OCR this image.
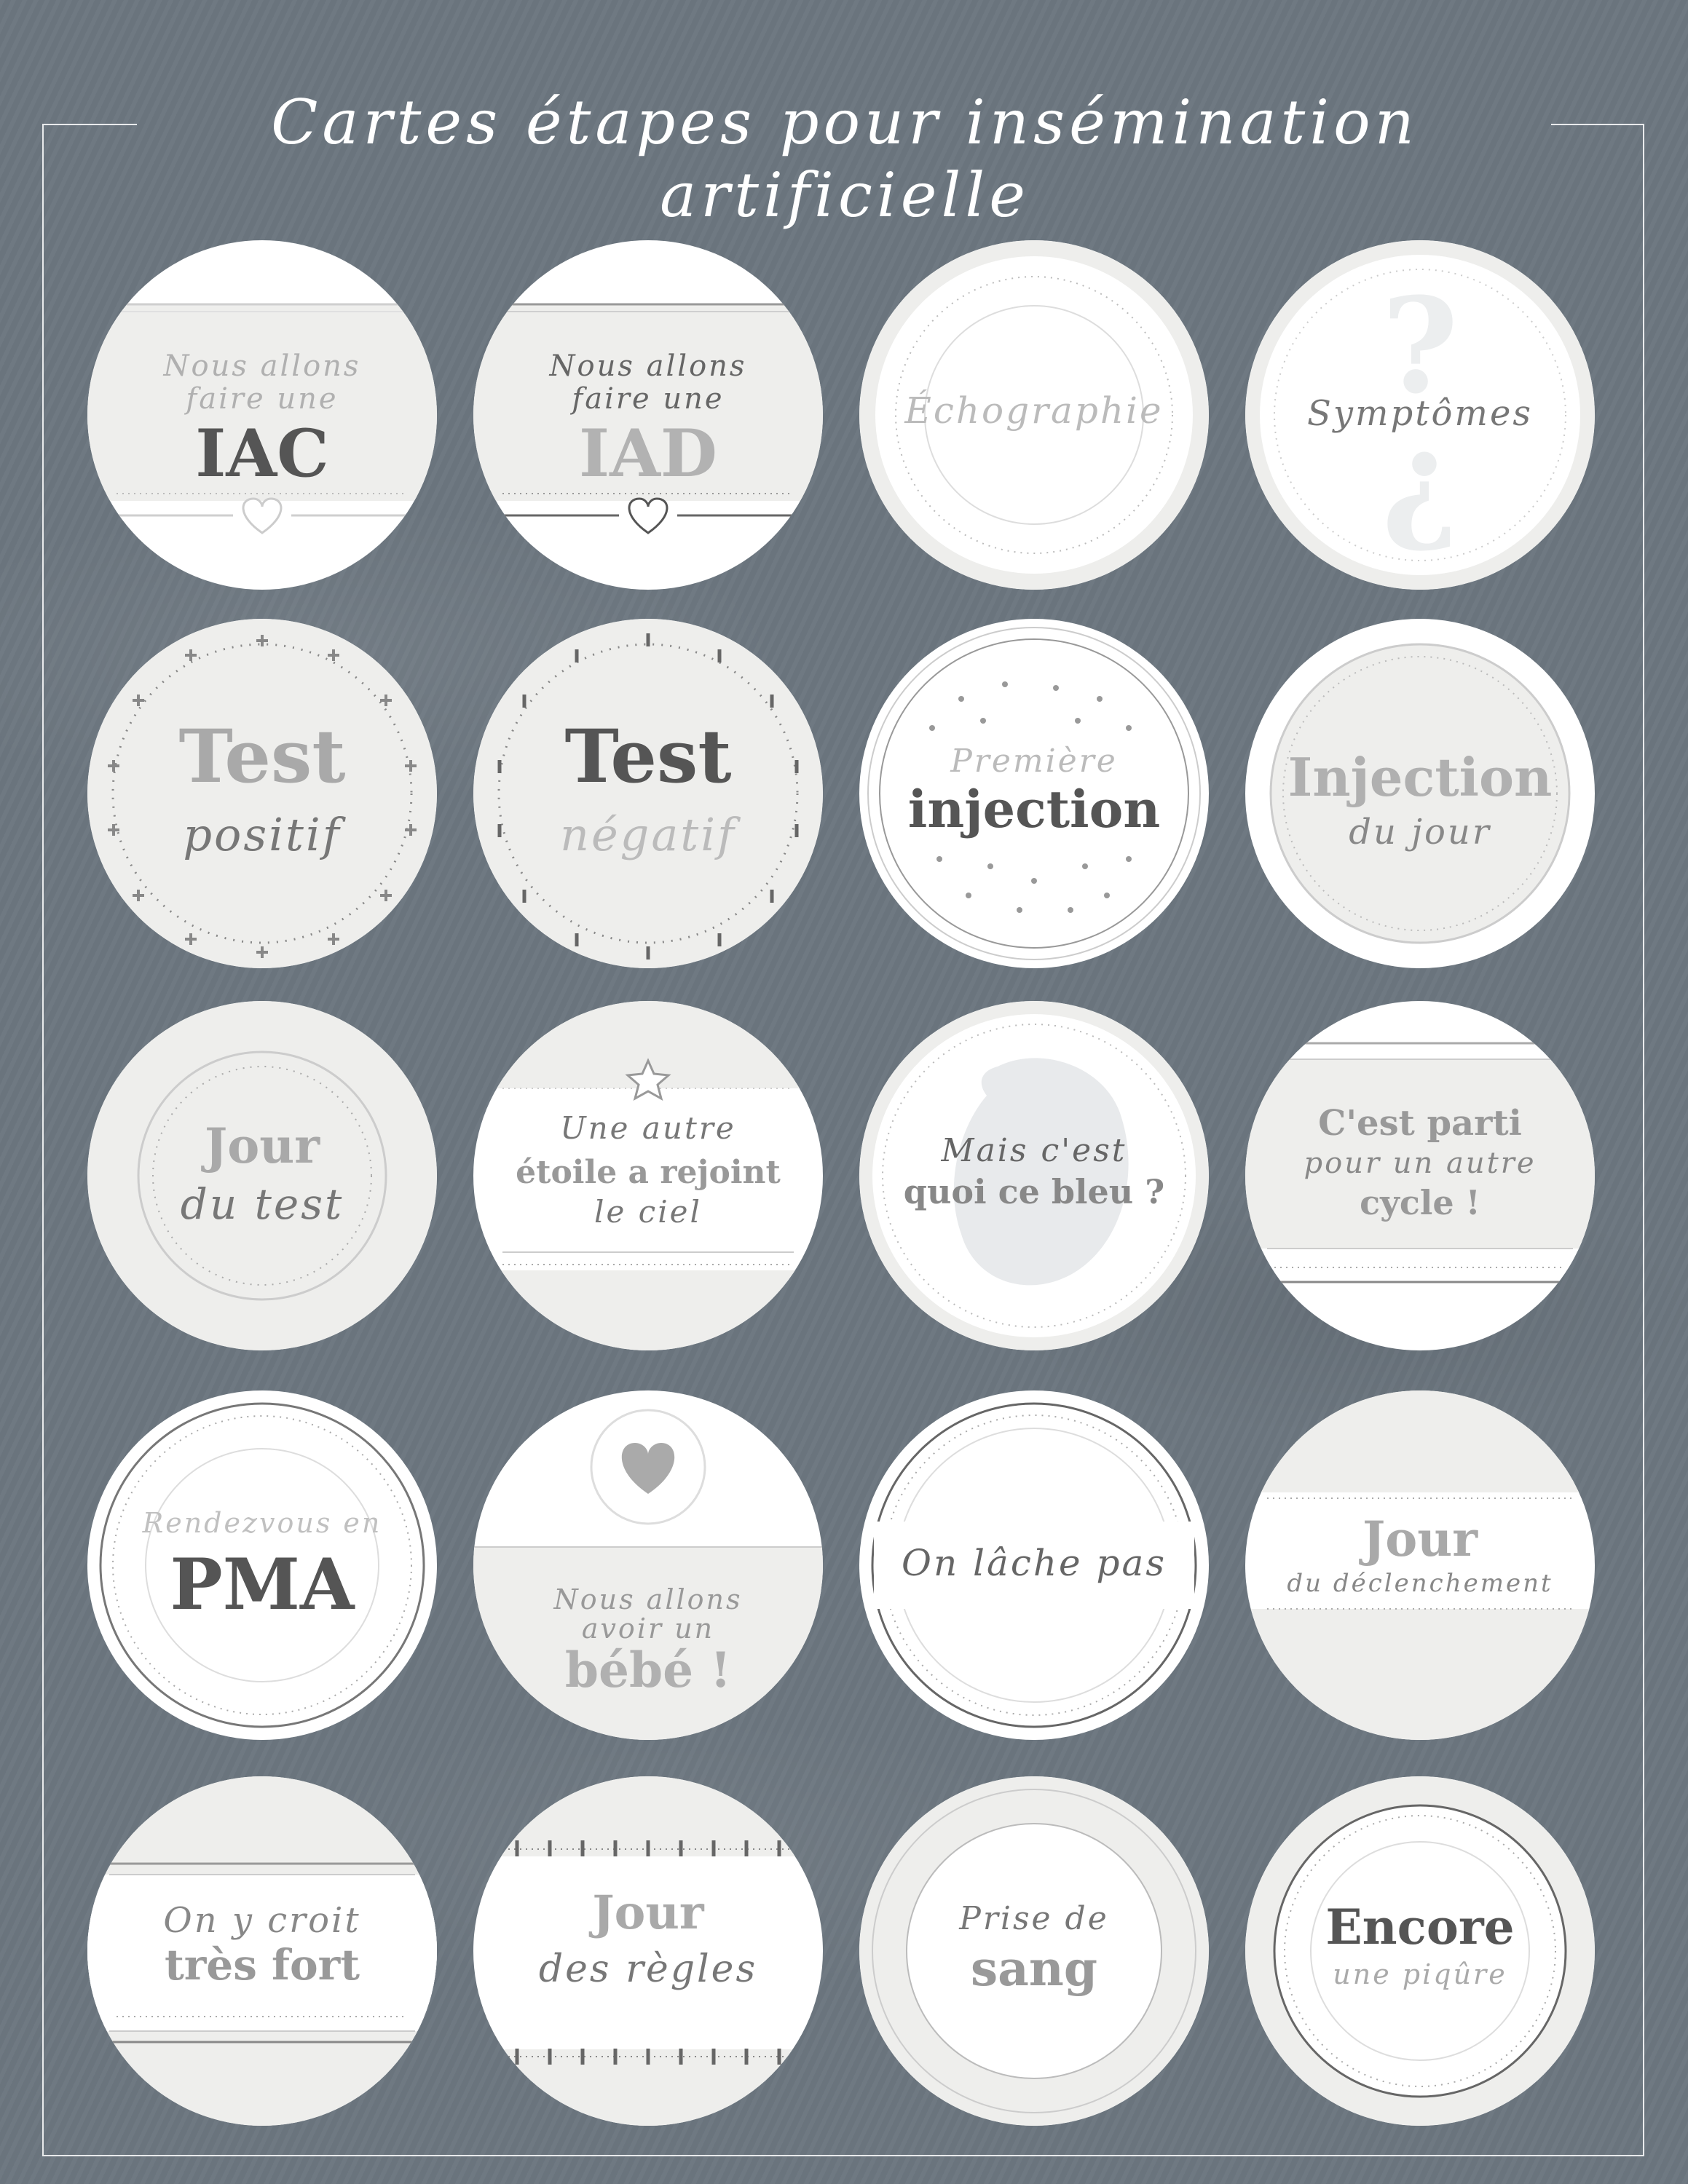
Cartes étapes pour insémination artificielle
Nous allons
faire une
IAC
Nous allons
faire une
IAD
Échographie	?
?
Symptômes
Test
positif
Test
négatif
Première
injection
Injection
du jour
Jour
du test
Une autre
étoile a rejoint
le ciel
Mais c'est
quoi ce bleu ?
C'est parti
pour un autre
cycle !
Rendezvous en
PMA	Nous allons
avoir un
bébé !
On lâche pas	Jour
du déclenchement
On y croit
très fort
Jour
des règles
Prise de
sang
Encore
une piqûre
